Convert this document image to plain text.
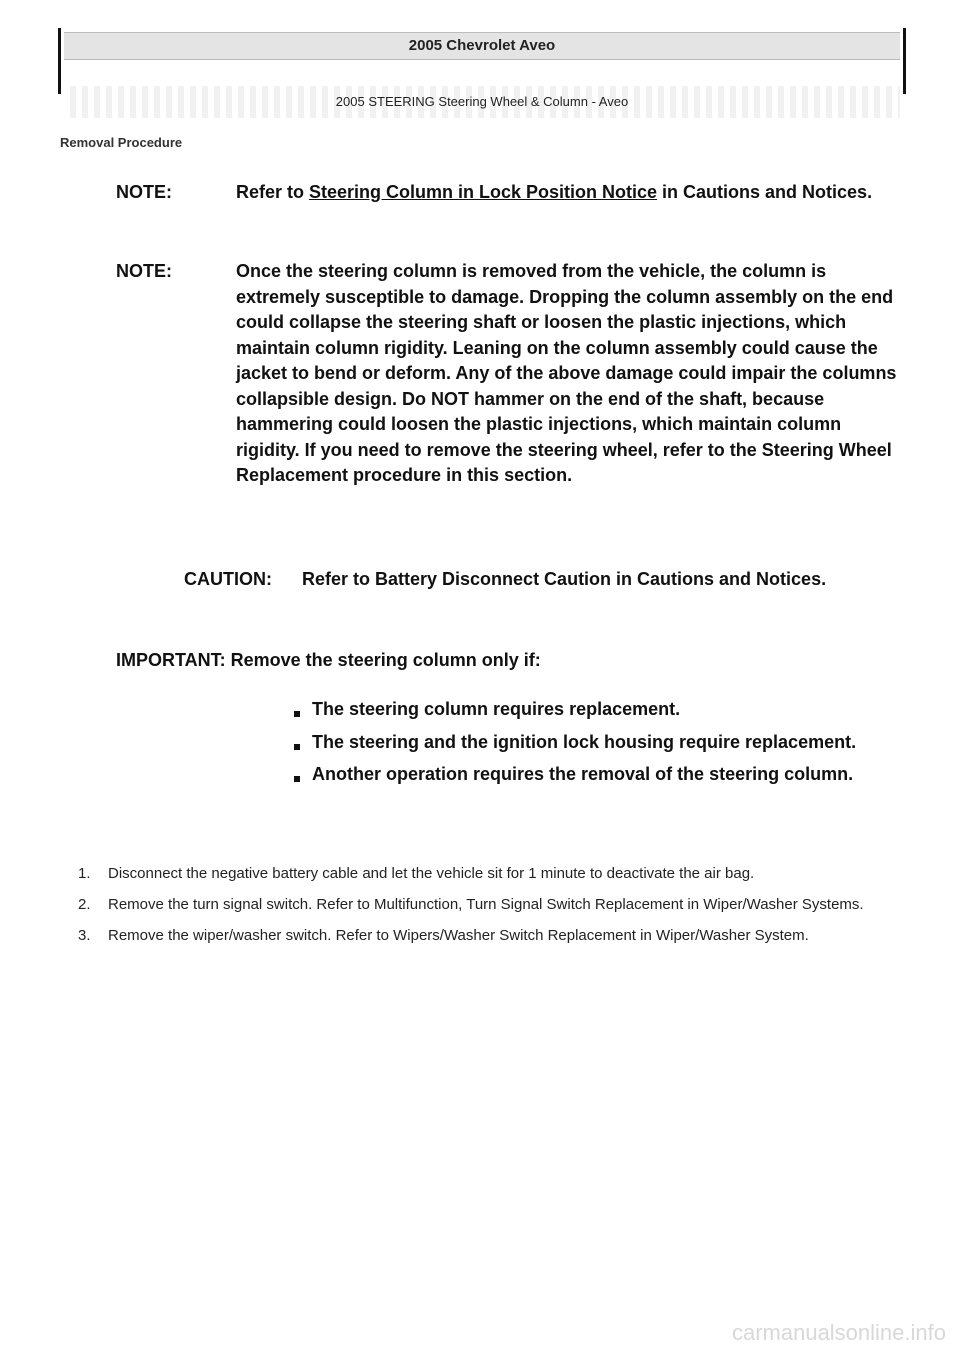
2005 Chevrolet Aveo
2005 STEERING Steering Wheel & Column - Aveo
Removal Procedure
NOTE:	Refer to Steering Column in Lock Position Notice in Cautions and Notices.
NOTE:	Once the steering column is removed from the vehicle, the column is extremely susceptible to damage. Dropping the column assembly on the end could collapse the steering shaft or loosen the plastic injections, which maintain column rigidity. Leaning on the column assembly could cause the jacket to bend or deform. Any of the above damage could impair the columns collapsible design. Do NOT hammer on the end of the shaft, because hammering could loosen the plastic injections, which maintain column rigidity. If you need to remove the steering wheel, refer to the Steering Wheel Replacement procedure in this section.
CAUTION: Refer to Battery Disconnect Caution in Cautions and Notices.
IMPORTANT: Remove the steering column only if:
The steering column requires replacement.
The steering and the ignition lock housing require replacement.
Another operation requires the removal of the steering column.
1. Disconnect the negative battery cable and let the vehicle sit for 1 minute to deactivate the air bag.
2. Remove the turn signal switch. Refer to Multifunction, Turn Signal Switch Replacement in Wiper/Washer Systems.
3. Remove the wiper/washer switch. Refer to Wipers/Washer Switch Replacement in Wiper/Washer System.
carmanualsonline.info
